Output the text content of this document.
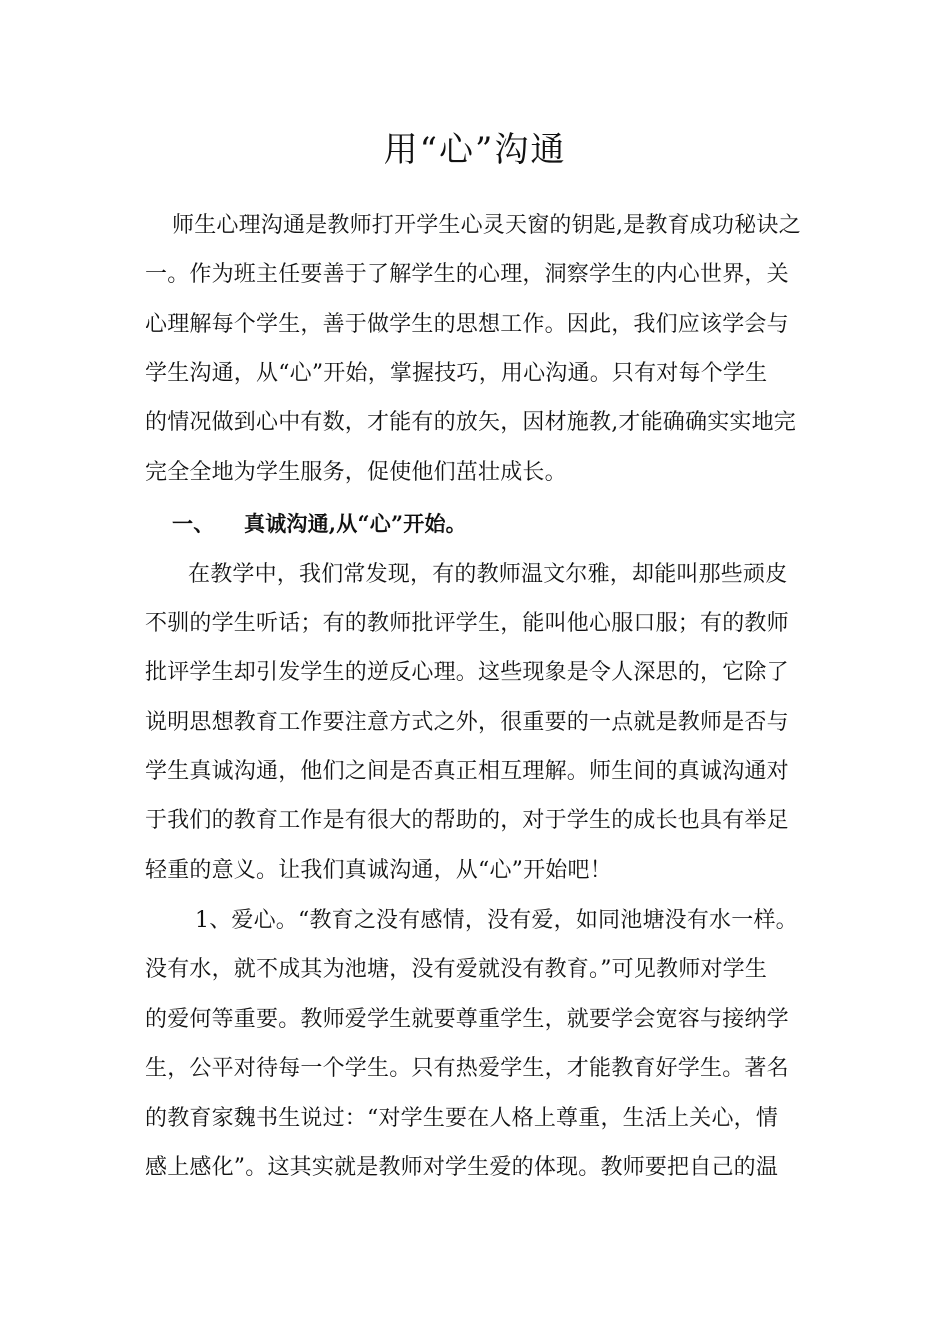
用“心”沟通
师生心理沟通是教师打开学生心灵天窗的钥匙,是教育成功秘诀之
一。作为班主任要善于了解学生的心理，洞察学生的内心世界，关
心理解每个学生，善于做学生的思想工作。因此，我们应该学会与
学生沟通，从“心”开始，掌握技巧，用心沟通。只有对每个学生
的情况做到心中有数，才能有的放矢，因材施教,才能确确实实地完
完全全地为学生服务，促使他们茁壮成长。
一、 真诚沟通,从“心”开始。
在教学中，我们常发现，有的教师温文尔雅，却能叫那些顽皮
不驯的学生听话；有的教师批评学生，能叫他心服口服；有的教师
批评学生却引发学生的逆反心理。这些现象是令人深思的，它除了
说明思想教育工作要注意方式之外，很重要的一点就是教师是否与
学生真诚沟通，他们之间是否真正相互理解。师生间的真诚沟通对
于我们的教育工作是有很大的帮助的，对于学生的成长也具有举足
轻重的意义。让我们真诚沟通，从“心”开始吧！
1、爱心。“教育之没有感情，没有爱，如同池塘没有水一样。
没有水，就不成其为池塘，没有爱就没有教育。”可见教师对学生
的爱何等重要。教师爱学生就要尊重学生，就要学会宽容与接纳学
生，公平对待每一个学生。只有热爱学生，才能教育好学生。著名
的教育家魏书生说过：“对学生要在人格上尊重，生活上关心，情
感上感化”。这其实就是教师对学生爱的体现。教师要把自己的温
